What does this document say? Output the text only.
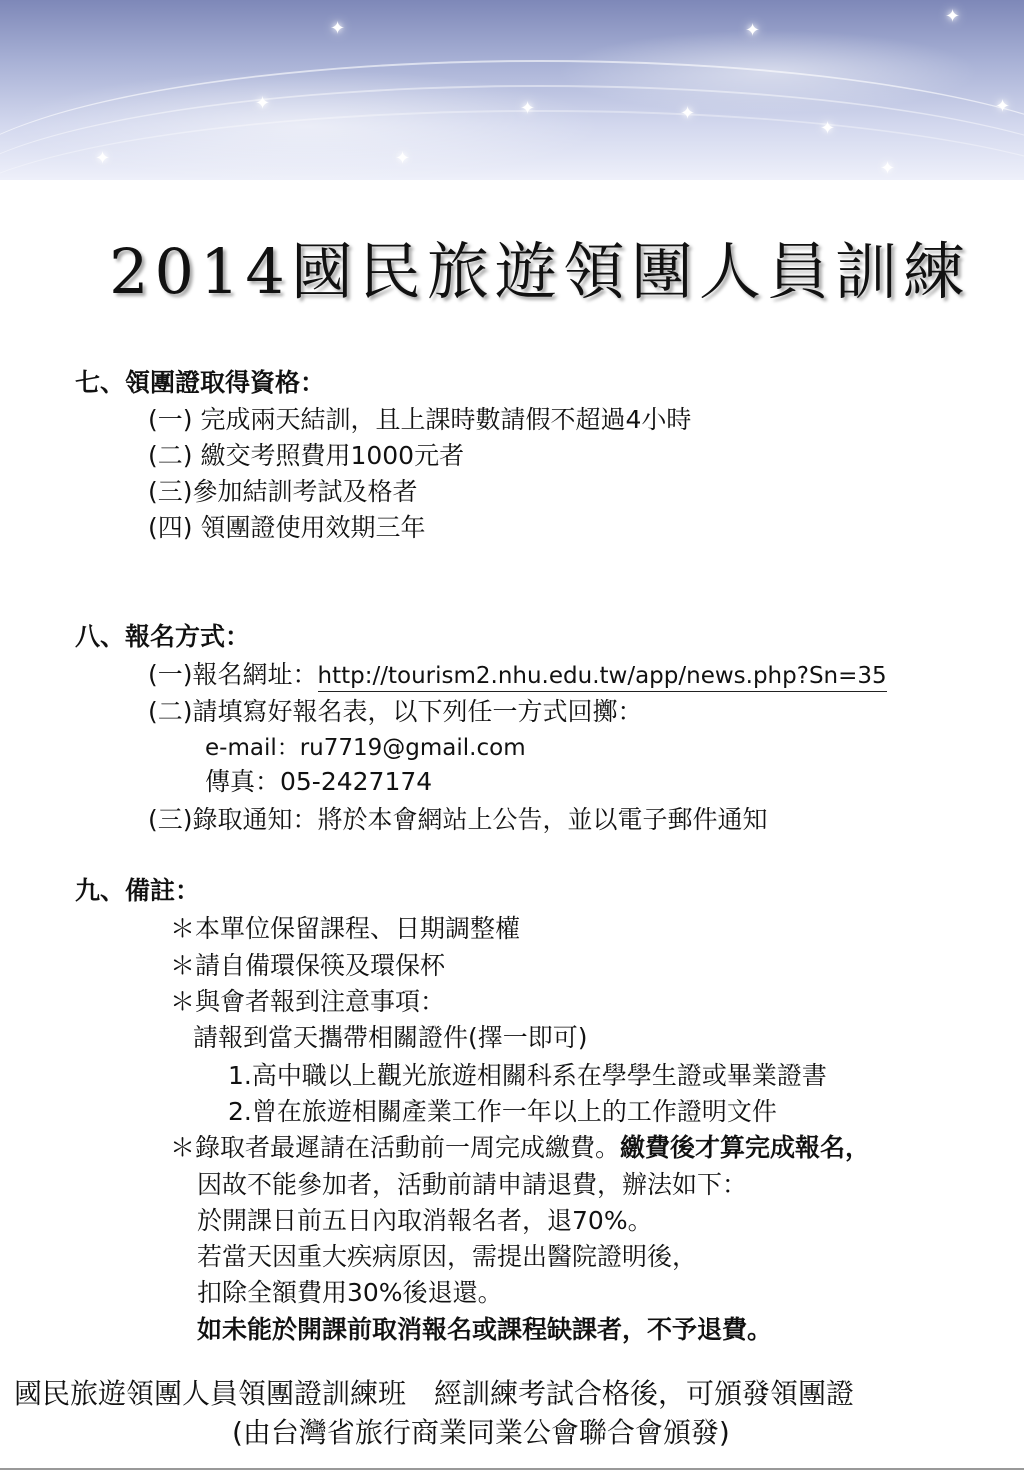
✦	✦
✦	✦	✦
✦
✦
✦
✦	✦	✦
2014國民旅遊領團人員訓練
七、領團證取得資格：
(一) 完成兩天結訓，且上課時數請假不超過4小時
(二) 繳交考照費用1000元者
(三)參加結訓考試及格者
(四) 領團證使用效期三年
八、報名方式：
(一)報名網址：http://tourism2.nhu.edu.tw/app/news.php?Sn=35
(二)請填寫好報名表，以下列任一方式回擲：
e-mail：ru7719@gmail.com
傳真：05-2427174
(三)錄取通知：將於本會網站上公告，並以電子郵件通知
九、備註：
＊本單位保留課程、日期調整權
＊請自備環保筷及環保杯
＊與會者報到注意事項：
請報到當天攜帶相關證件(擇一即可)
1.高中職以上觀光旅遊相關科系在學學生證或畢業證書
2.曾在旅遊相關產業工作一年以上的工作證明文件
＊錄取者最遲請在活動前一周完成繳費。繳費後才算完成報名，
因故不能參加者，活動前請申請退費，辦法如下：
於開課日前五日內取消報名者，退70%。
若當天因重大疾病原因，需提出醫院證明後，
扣除全額費用30%後退還。
如未能於開課前取消報名或課程缺課者，不予退費。
國民旅遊領團人員領團證訓練班　經訓練考試合格後，可頒發領團證
(由台灣省旅行商業同業公會聯合會頒發)
